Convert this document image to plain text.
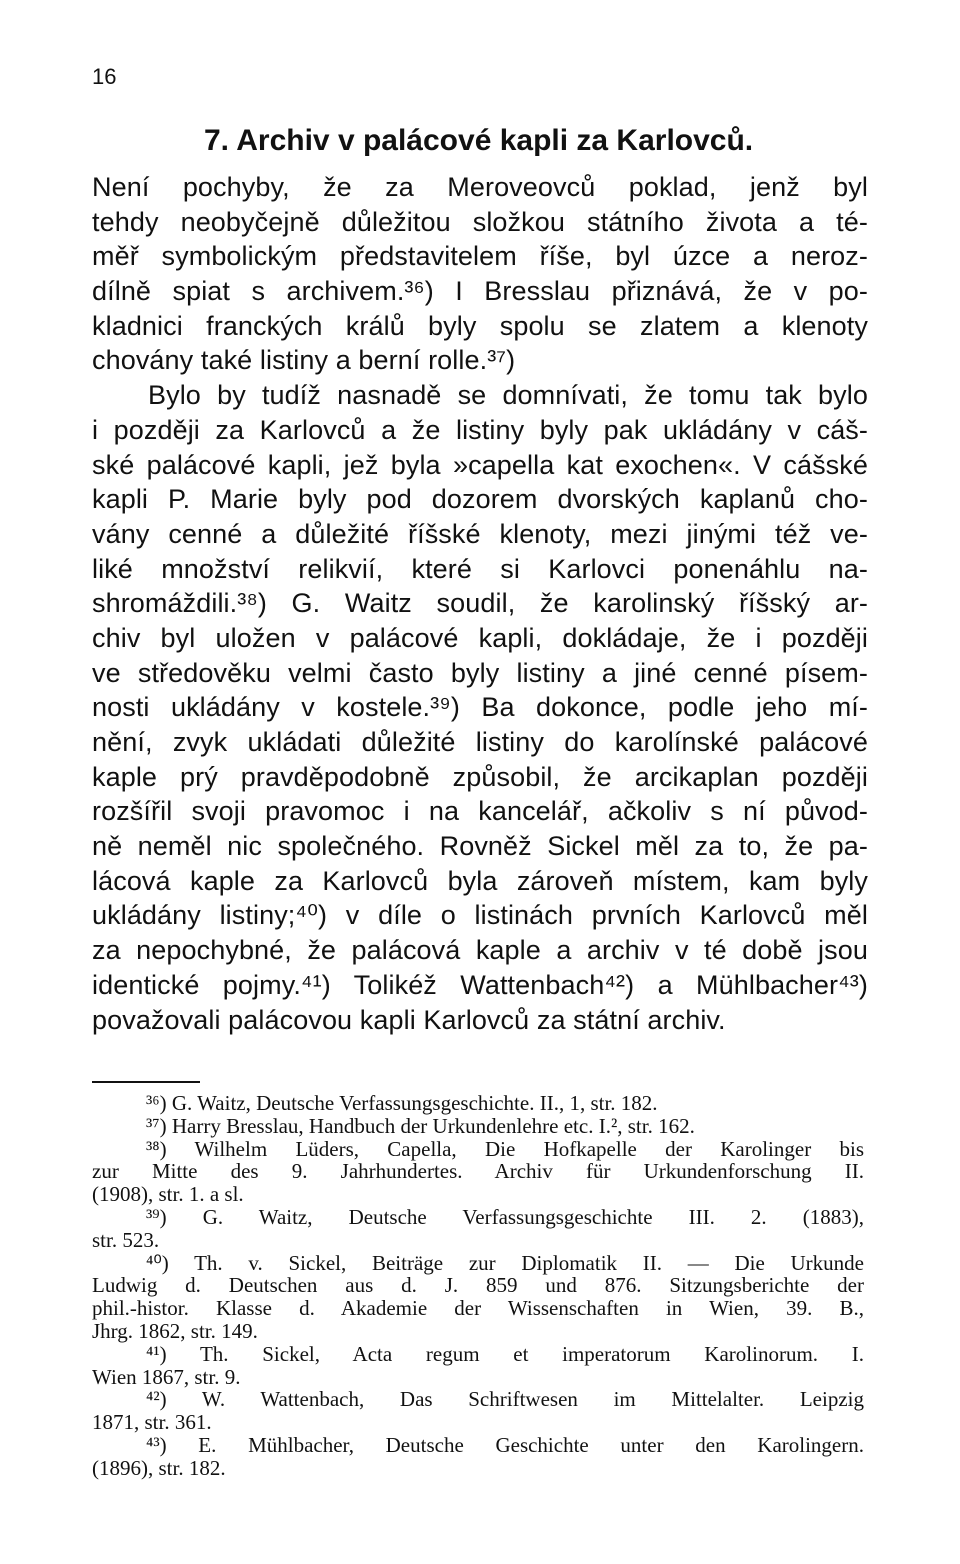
16
7. Archiv v palácové kapli za Karlovců.
Není pochyby, že za Meroveovců poklad, jenž byl
tehdy neobyčejně důležitou složkou státního života a té-
měř symbolickým představitelem říše, byl úzce a neroz-
dílně spiat s archivem.³⁶) I Bresslau přiznává, že v po-
kladnici franckých králů byly spolu se zlatem a klenoty
chovány také listiny a berní rolle.³⁷)
Bylo by tudíž nasnadě se domnívati, že tomu tak bylo
i později za Karlovců a že listiny byly pak ukládány v cáš-
ské palácové kapli, jež byla »capella kat exochen«. V cášské
kapli P. Marie byly pod dozorem dvorských kaplanů cho-
vány cenné a důležité říšské klenoty, mezi jinými též ve-
liké množství relikvií, které si Karlovci ponenáhlu na-
shromáždili.³⁸) G. Waitz soudil, že karolinský říšský ar-
chiv byl uložen v palácové kapli, dokládaje, že i později
ve středověku velmi často byly listiny a jiné cenné písem-
nosti ukládány v kostele.³⁹) Ba dokonce, podle jeho mí-
nění, zvyk ukládati důležité listiny do karolínské palácové
kaple prý pravděpodobně způsobil, že arcikaplan později
rozšířil svoji pravomoc i na kancelář, ačkoliv s ní původ-
ně neměl nic společného. Rovněž Sickel měl za to, že pa-
lácová kaple za Karlovců byla zároveň místem, kam byly
ukládány listiny;⁴⁰) v díle o listinách prvních Karlovců měl
za nepochybné, že palácová kaple a archiv v té době jsou
identické pojmy.⁴¹) Tolikéž Wattenbach⁴²) a Mühlbacher⁴³)
považovali palácovou kapli Karlovců za státní archiv.
³⁶) G. Waitz, Deutsche Verfassungsgeschichte. II., 1, str. 182.
³⁷) Harry Bresslau, Handbuch der Urkundenlehre etc. I.², str. 162.
³⁸) Wilhelm Lüders, Capella, Die Hofkapelle der Karolinger bis
zur Mitte des 9. Jahrhundertes. Archiv für Urkundenforschung II.
(1908), str. 1. a sl.
³⁹) G. Waitz, Deutsche Verfassungsgeschichte III. 2. (1883),
str. 523.
⁴⁰) Th. v. Sickel, Beiträge zur Diplomatik II. — Die Urkunde
Ludwig d. Deutschen aus d. J. 859 und 876. Sitzungsberichte der
phil.-histor. Klasse d. Akademie der Wissenschaften in Wien, 39. B.,
Jhrg. 1862, str. 149.
⁴¹) Th. Sickel, Acta regum et imperatorum Karolinorum. I.
Wien 1867, str. 9.
⁴²) W. Wattenbach, Das Schriftwesen im Mittelalter. Leipzig
1871, str. 361.
⁴³) E. Mühlbacher, Deutsche Geschichte unter den Karolingern.
(1896), str. 182.
